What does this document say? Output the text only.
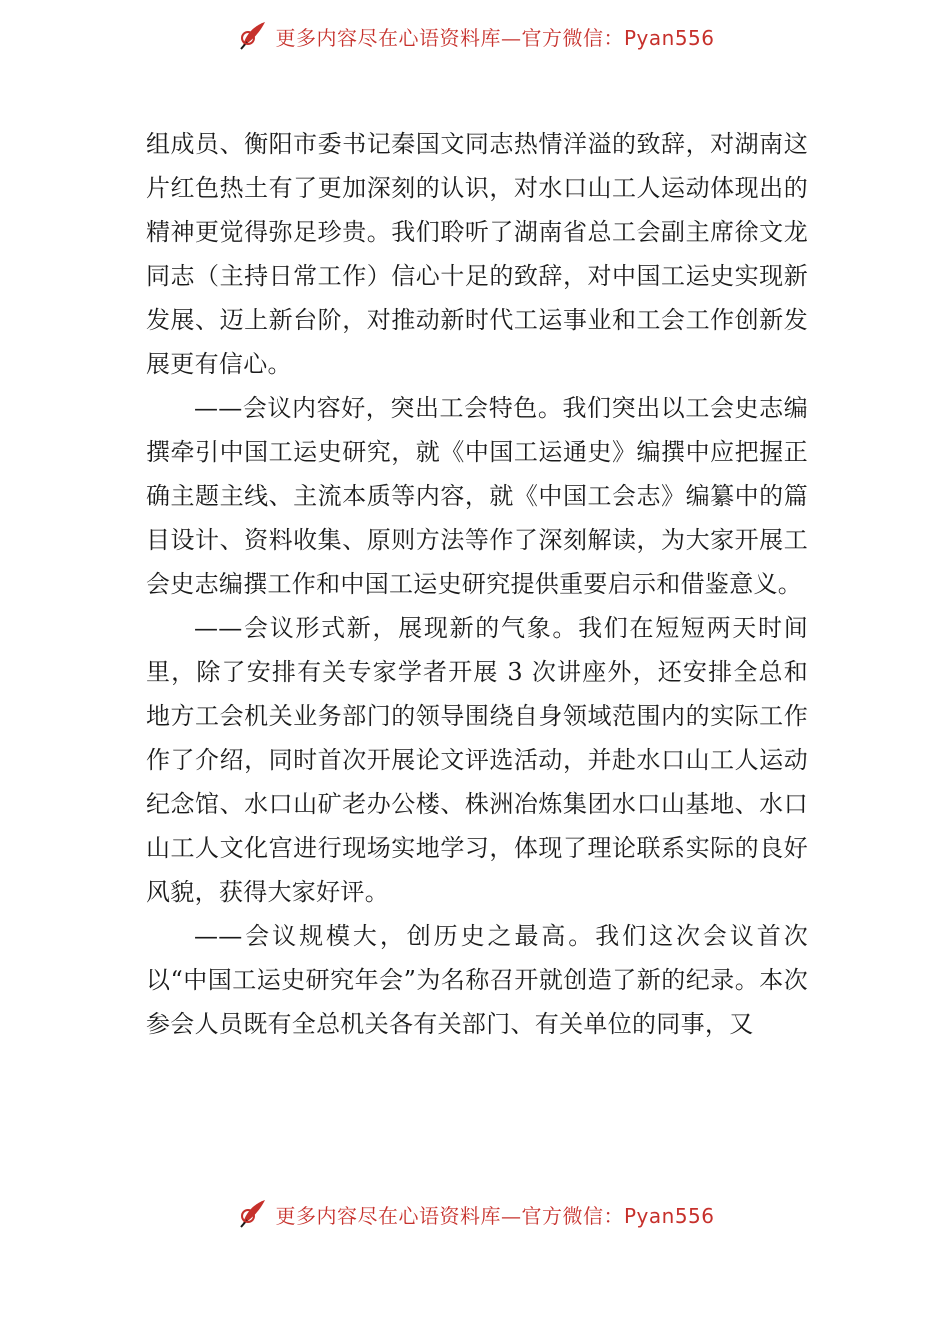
更多内容尽在心语资料库—官方微信：Pyan556

组成员、衡阳市委书记秦国文同志热情洋溢的致辞，对湖南这片红色热土有了更加深刻的认识，对水口山工人运动体现出的精神更觉得弥足珍贵。我们聆听了湖南省总工会副主席徐文龙同志（主持日常工作）信心十足的致辞，对中国工运史实现新发展、迈上新台阶，对推动新时代工运事业和工会工作创新发展更有信心。

——会议内容好，突出工会特色。我们突出以工会史志编撰牵引中国工运史研究，就《中国工运通史》编撰中应把握正确主题主线、主流本质等内容，就《中国工会志》编纂中的篇目设计、资料收集、原则方法等作了深刻解读，为大家开展工会史志编撰工作和中国工运史研究提供重要启示和借鉴意义。

——会议形式新，展现新的气象。我们在短短两天时间里，除了安排有关专家学者开展 3 次讲座外，还安排全总和地方工会机关业务部门的领导围绕自身领域范围内的实际工作作了介绍，同时首次开展论文评选活动，并赴水口山工人运动纪念馆、水口山矿老办公楼、株洲冶炼集团水口山基地、水口山工人文化宫进行现场实地学习，体现了理论联系实际的良好风貌，获得大家好评。

——会议规模大，创历史之最高。我们这次会议首次以“中国工运史研究年会”为名称召开就创造了新的纪录。本次参会人员既有全总机关各有关部门、有关单位的同事，又

更多内容尽在心语资料库—官方微信：Pyan556
